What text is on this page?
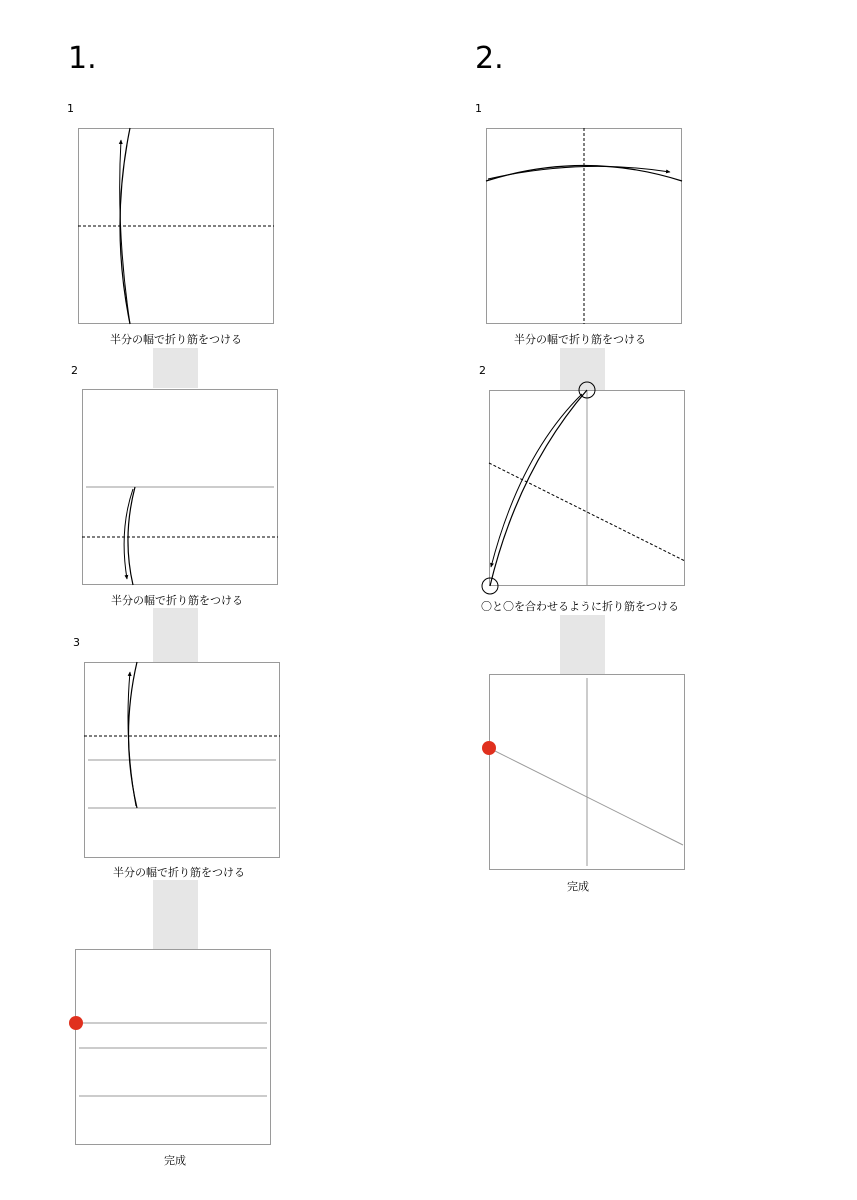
1.	2.
1
2
3
1
2
半分の幅で折り筋をつける
半分の幅で折り筋をつける
半分の幅で折り筋をつける
完成
半分の幅で折り筋をつける
〇と〇を合わせるように折り筋をつける
完成
